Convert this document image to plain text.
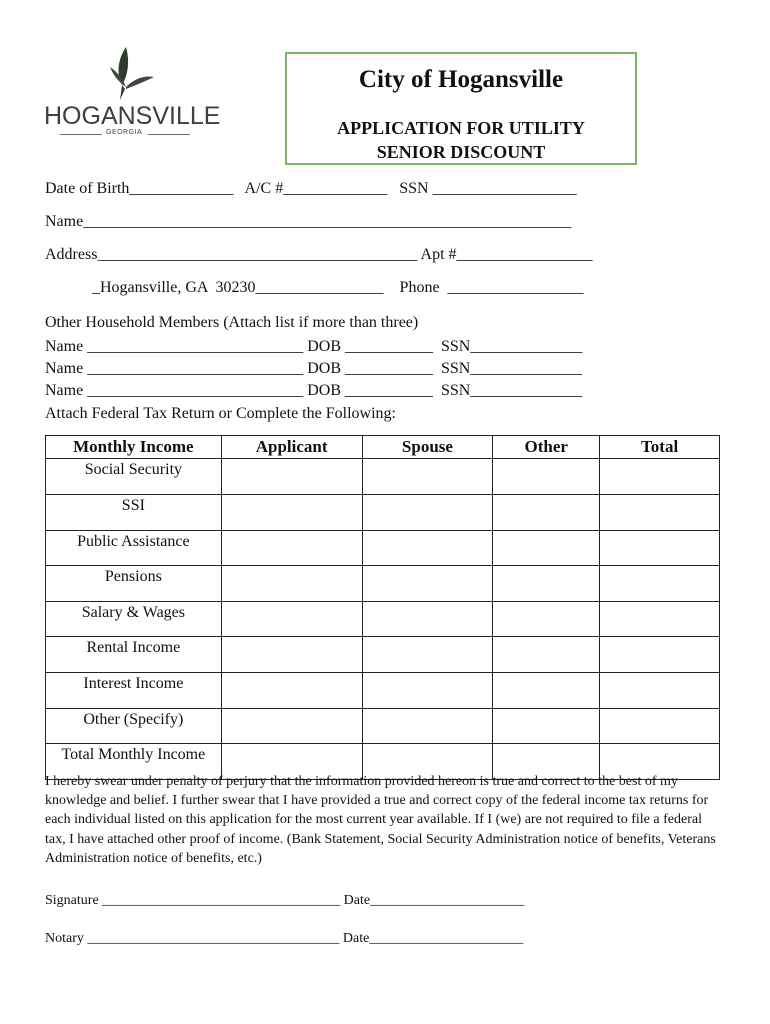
HOGANSVILLE
GEORGIA
City of Hogansville
APPLICATION FOR UTILITY
SENIOR DISCOUNT
Date of Birth_____________   A/C #_____________   SSN __________________
Name_____________________________________________________________
Address________________________________________ Apt #_________________
_Hogansville, GA  30230________________    Phone  _________________
Other Household Members (Attach list if more than three)
Name ___________________________ DOB ___________  SSN______________
Name ___________________________ DOB ___________  SSN______________
Name ___________________________ DOB ___________  SSN______________
Attach Federal Tax Return or Complete the Following:
Monthly Income	Applicant	Spouse	Other	Total
Social Security				
SSI				
Public Assistance				
Pensions				
Salary & Wages				
Rental Income				
Interest Income				
Other (Specify)				
Total Monthly Income				
I hereby swear under penalty of perjury that the information provided hereon is true and correct to the best of my knowledge and belief. I further swear that I have provided a true and correct copy of the federal income tax returns for each individual listed on this application for the most current year available. If I (we) are not required to file a federal tax, I have attached other proof of income. (Bank Statement, Social Security Administration notice of benefits, Veterans Administration notice of benefits, etc.)
Signature __________________________________ Date______________________
Notary ____________________________________ Date______________________
